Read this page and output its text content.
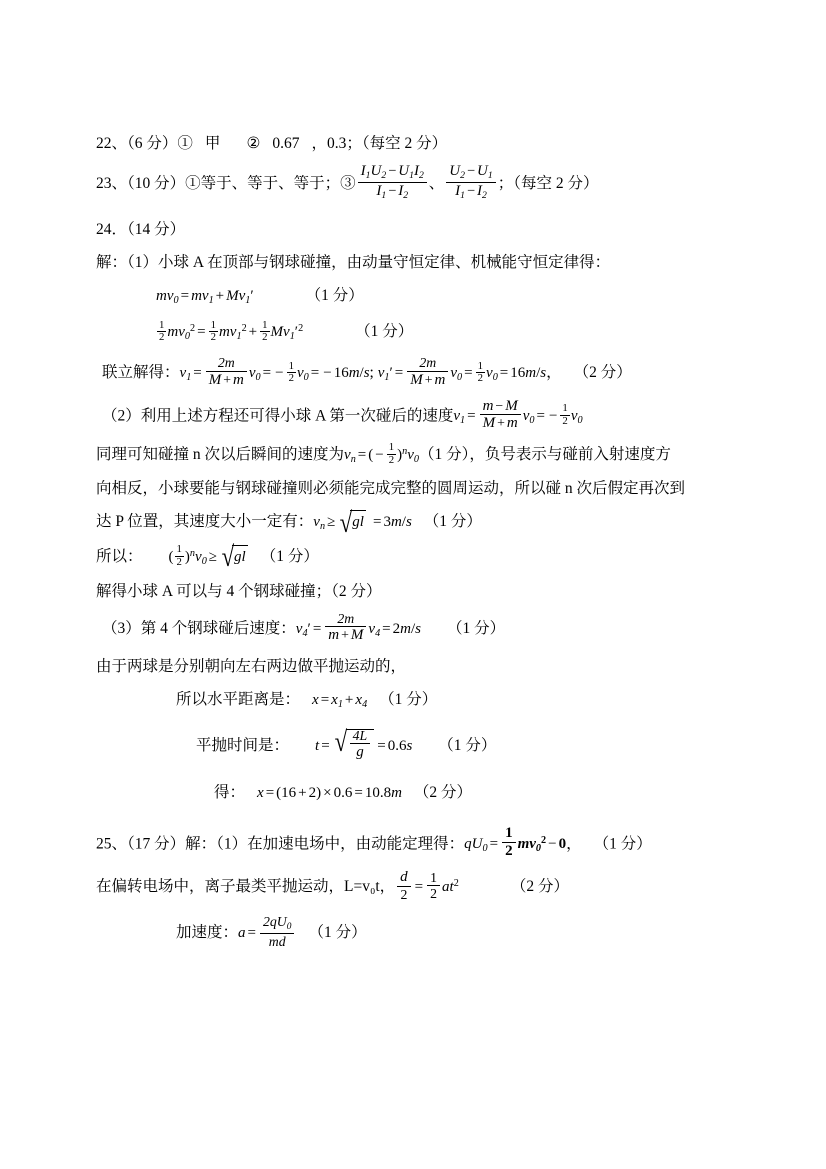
22、（6 分）① 甲 ② 0.67 ，0.3；（每空 2 分）
23、（10 分）①等于、等于、等于；③ $\frac{I_1U_2 - U_1I_2}{I_1 - I_2}$ 、 $\frac{U_2 - U_1}{I_1 - I_2}$ ；（每空 2 分）
24．（14 分）
解：（1）小球 A 在顶部与钢球碰撞，由动量守恒定律、机械能守恒定律得：
$mv_0 = mv_1 + Mv_1'$	（1 分）
$\frac{1}{2} mv_0^2 = \frac{1}{2} mv_1^2 + \frac{1}{2} Mv_1'^2$	（1 分）
联立解得：$v_1 = \frac{2m}{M + m} v_0$ = − $\frac{1}{2} v_0$ = − 16m/s; $v_1' = \frac{2m}{M + m} v_0 = \frac{1}{2} v_0 = 16m/s$， （2 分）
（2）利用上述方程还可得小球 A 第一次碰后的速度$v_1 = \frac{m - M}{M + m} v_0$ = − $\frac{1}{2} v_0$
同理可知碰撞 n 次以后瞬间的速度为$v_n$ = ( − $\frac{1}{2} )^nv_0(1$ 分），负号表示与碰前入射速度方
向相反，小球要能与钢球碰撞则必须能完成完整的圆周运动，所以碰 n 次后假定再次到
达 P 位置，其速度大小一定有：$v_n$ ≥ √ gl = 3m/s （1 分）
所以： ( $\frac{1}{2} )^nv_0$ ≥ √ gl （1 分）
解得小球 A 可以与 4 个钢球碰撞；（2 分）
（3）第 4 个钢球碰后速度：$v_4' = \frac{2m}{m + M} v_4 = 2m/s$ （1 分）
由于两球是分别朝向左右两边做平抛运动的，
所以水平距离是： $x = x_1 + x_4$ （1 分）
平抛时间是： t = √ $\frac{4L}{g} = 0.6s$ （1 分）
得： x = (16 + 2) × 0.6 = 10.8m （2 分）
25、（17 分）解：（1）在加速电场中，由动能定理得：$qU_0 = \frac{1}{2} mv_0^2 - 0$， （1 分）
在偏转电场中，离子最类平抛运动，L=v₀t， $\frac{d}{2} = \frac{1}{2} at^2$	（2 分）
加速度：$a = \frac{2qU_0}{md} (1$ 分）
